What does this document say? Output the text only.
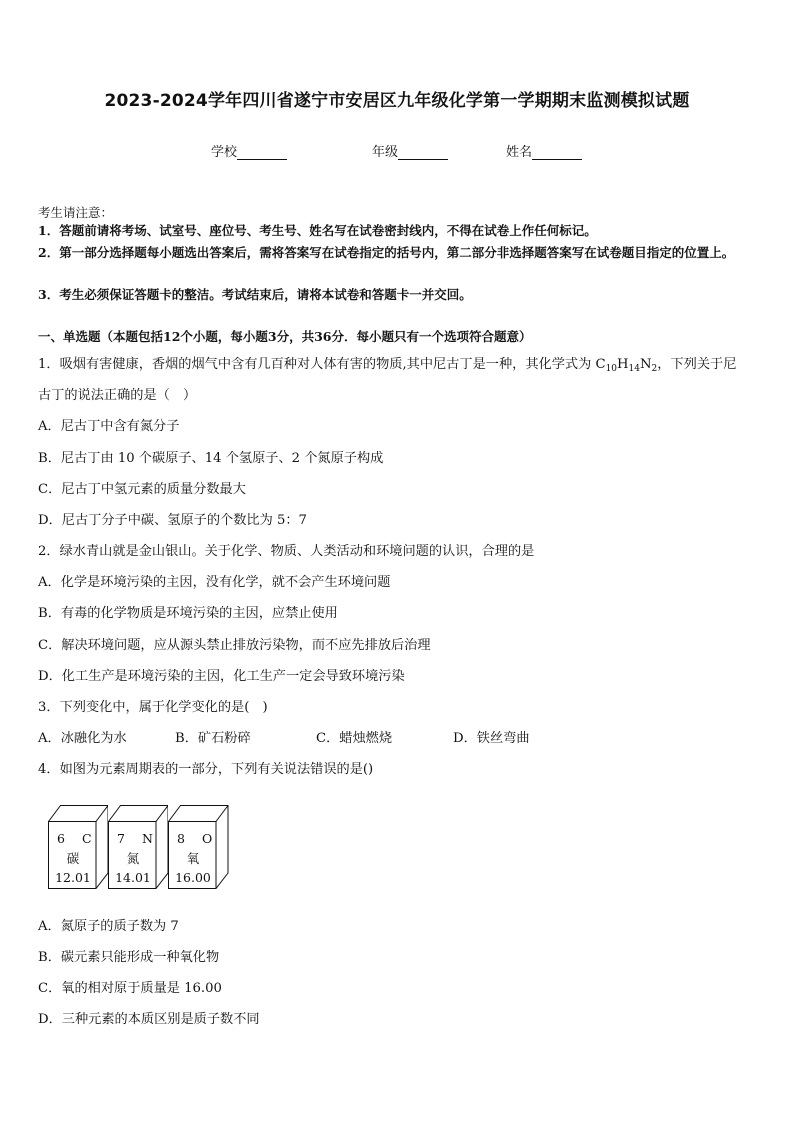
2023-2024学年四川省遂宁市安居区九年级化学第一学期期末监测模拟试题
学校	年级	姓名
考生请注意：
1．答题前请将考场、试室号、座位号、考生号、姓名写在试卷密封线内，不得在试卷上作任何标记。
2．第一部分选择题每小题选出答案后，需将答案写在试卷指定的括号内，第二部分非选择题答案写在试卷题目指定的位置上。
3．考生必须保证答题卡的整洁。考试结束后，请将本试卷和答题卡一并交回。
一、单选题（本题包括12个小题，每小题3分，共36分．每小题只有一个选项符合题意）
1．吸烟有害健康，香烟的烟气中含有几百种对人体有害的物质,其中尼古丁是一种，其化学式为 $C_{10}H_{14}N_2$，下列关于尼
古丁的说法正确的是（　）
A．尼古丁中含有氮分子
B．尼古丁由 10 个碳原子、14 个氢原子、2 个氮原子构成
C．尼古丁中氢元素的质量分数最大
D．尼古丁分子中碳、氢原子的个数比为 5：7
2．绿水青山就是金山银山。关于化学、物质、人类活动和环境问题的认识，合理的是
A．化学是环境污染的主因，没有化学，就不会产生环境问题
B．有毒的化学物质是环境污染的主因，应禁止使用
C．解决环境问题，应从源头禁止排放污染物，而不应先排放后治理
D．化工生产是环境污染的主因，化工生产一定会导致环境污染
3．下列变化中，属于化学变化的是(　)
A．冰融化为水	B．矿石粉碎	C．蜡烛燃烧	D．铁丝弯曲
4．如图为元素周期表的一部分，下列有关说法错误的是()
6 C
碳
12.01
7 N
氮
14.01
8 O
氧
16.00
A．氮原子的质子数为 7
B．碳元素只能形成一种氧化物
C．氧的相对原于质量是 16.00
D．三种元素的本质区别是质子数不同
